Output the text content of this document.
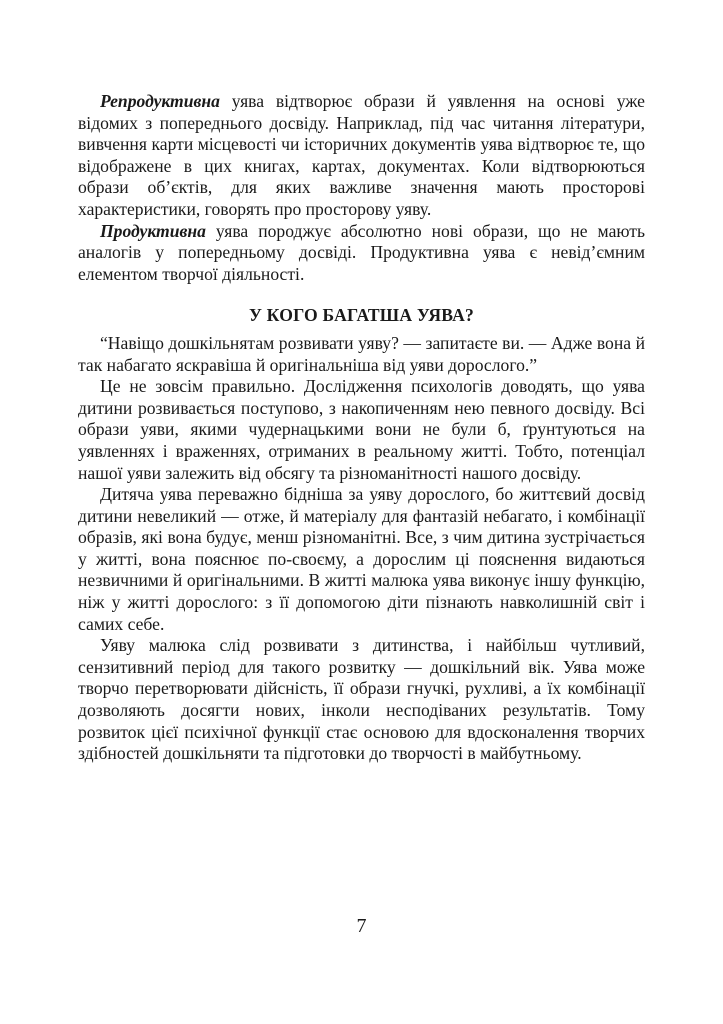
Репродуктивна уява відтворює образи й уявлення на основі уже відомих з попереднього досвіду. Наприклад, під час читання літератури, вивчення карти місцевості чи історичних документів уява відтворює те, що відображене в цих книгах, картах, документах. Коли відтворюються образи об’єктів, для яких важливе значення мають просторові характеристики, говорять про просторову уяву.

Продуктивна уява породжує абсолютно нові образи, що не мають аналогів у попередньому досвіді. Продуктивна уява є невід’ємним елементом творчої діяльності.

У КОГО БАГАТША УЯВА?

“Навіщо дошкільнятам розвивати уяву? — запитаєте ви. — Адже вона й так набагато яскравіша й оригінальніша від уяви дорослого.”

Це не зовсім правильно. Дослідження психологів доводять, що уява дитини розвивається поступово, з накопиченням нею певного досвіду. Всі образи уяви, якими чудернацькими вони не були б, ґрунтуються на уявленнях і враженнях, отриманих в реальному житті. Тобто, потенціал нашої уяви залежить від обсягу та різноманітності нашого досвіду.

Дитяча уява переважно бідніша за уяву дорослого, бо життєвий досвід дитини невеликий — отже, й матеріалу для фантазій небагато, і комбінації образів, які вона будує, менш різноманітні. Все, з чим дитина зустрічається у житті, вона пояснює по-своєму, а дорослим ці пояснення видаються незвичними й оригінальними. В житті малюка уява виконує іншу функцію, ніж у житті дорослого: з її допомогою діти пізнають навколишній світ і самих себе.

Уяву малюка слід розвивати з дитинства, і найбільш чутливий, сензитивний період для такого розвитку — дошкільний вік. Уява може творчо перетворювати дійсність, її образи гнучкі, рухливі, а їх комбінації дозволяють досягти нових, інколи несподіваних результатів. Тому розвиток цієї психічної функції стає основою для вдосконалення творчих здібностей дошкільняти та підготовки до творчості в майбутньому.

7
